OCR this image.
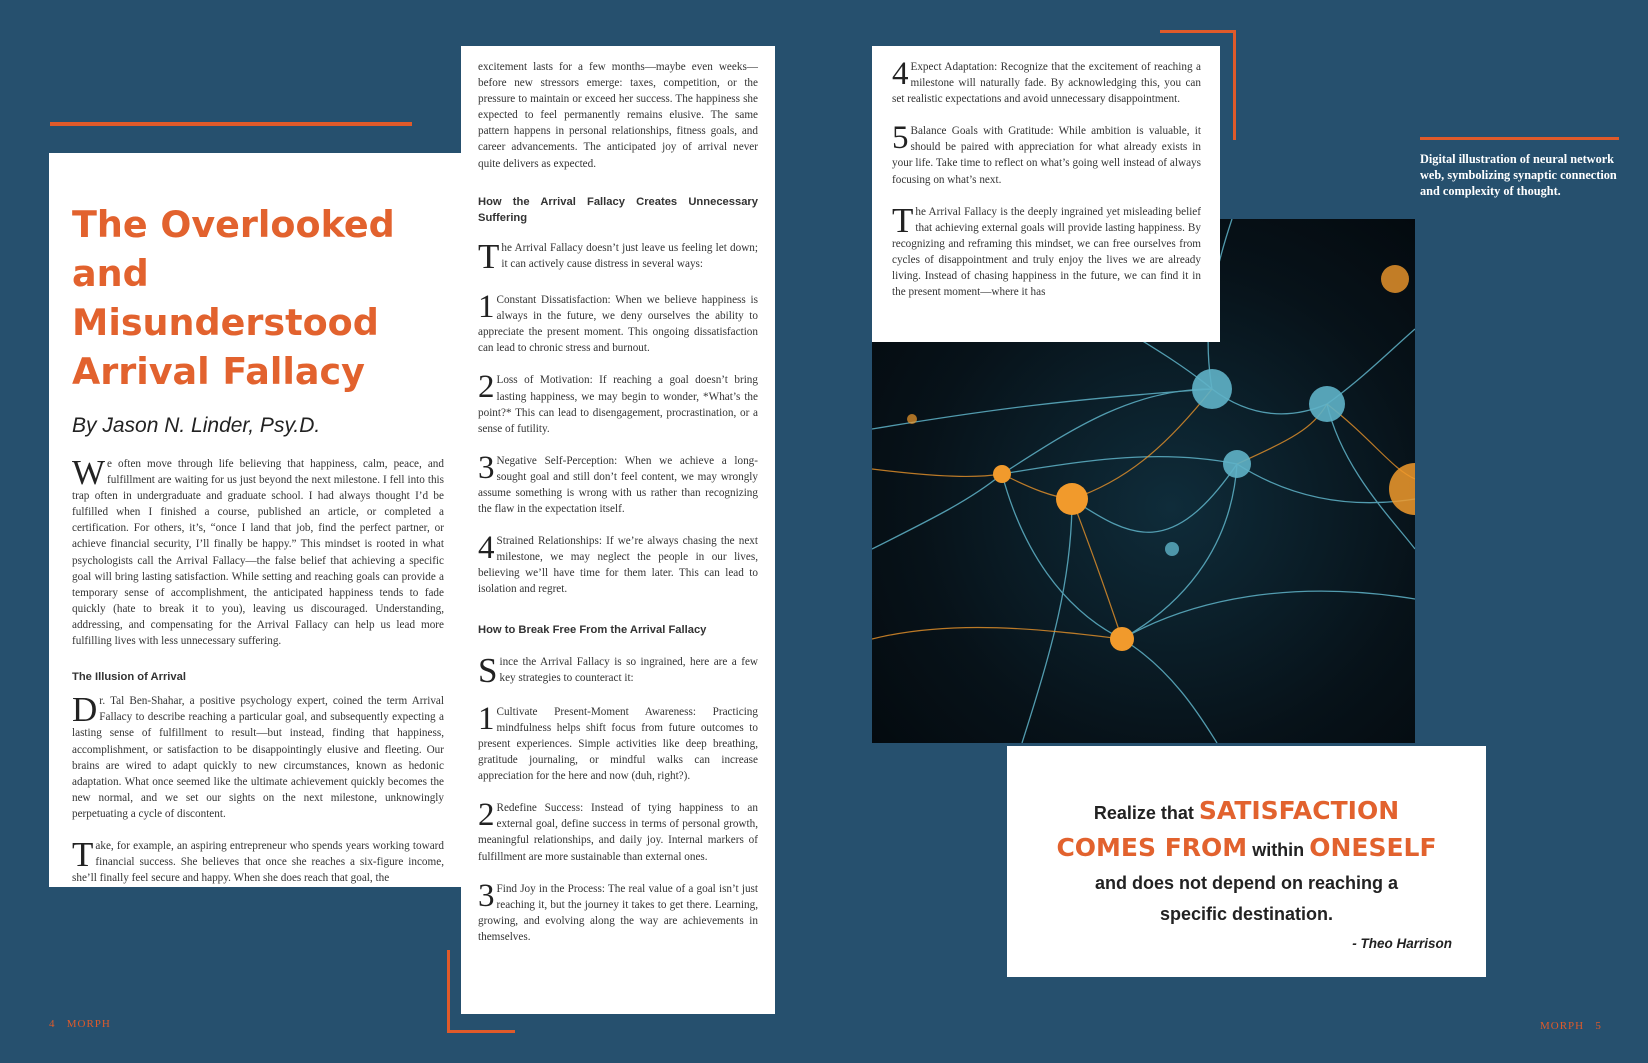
The Overlooked and

Misunderstood

Arrival Fallacy

By Jason N. Linder, Psy.D.

We often move through life believing that happiness, calm, peace, and fulfillment are waiting for us just beyond the next milestone. I fell into this trap often in undergraduate and graduate school. I had always thought I’d be fulfilled when I finished a course, published an article, or completed a certification. For others, it’s, “once I land that job, find the perfect partner, or achieve financial security, I’ll finally be happy.” This mindset is rooted in what psychologists call the Arrival Fallacy—the false belief that achieving a specific goal will bring lasting satisfaction. While setting and reaching goals can provide a temporary sense of accomplishment, the anticipated happiness tends to fade quickly (hate to break it to you), leaving us discouraged. Understanding, addressing, and compensating for the Arrival Fallacy can help us lead more fulfilling lives with less unnecessary suffering.

The Illusion of Arrival

Dr. Tal Ben-Shahar, a positive psychology expert, coined the term Arrival Fallacy to describe reaching a particular goal, and subsequently expecting a lasting sense of fulfillment to result—but instead, finding that happiness, accomplishment, or satisfaction to be disappointingly elusive and fleeting. Our brains are wired to adapt quickly to new circumstances, known as hedonic adaptation. What once seemed like the ultimate achievement quickly becomes the new normal, and we set our sights on the next milestone, unknowingly perpetuating a cycle of discontent.

Take, for example, an aspiring entrepreneur who spends years working toward financial success. She believes that once she reaches a six-figure income, she’ll finally feel secure and happy. When she does reach that goal, the

excitement lasts for a few months—maybe even weeks—before new stressors emerge: taxes, competition, or the pressure to maintain or exceed her success. The happiness she expected to feel permanently remains elusive. The same pattern happens in personal relationships, fitness goals, and career advancements. The anticipated joy of arrival never quite delivers as expected.

How the Arrival Fallacy Creates Unnecessary Suffering

The Arrival Fallacy doesn’t just leave us feeling let down; it can actively cause distress in several ways:

1 Constant Dissatisfaction: When we believe happiness is always in the future, we deny ourselves the ability to appreciate the present moment. This ongoing dissatisfaction can lead to chronic stress and burnout.

2 Loss of Motivation: If reaching a goal doesn’t bring lasting happiness, we may begin to wonder, *What’s the point?* This can lead to disengagement, procrastination, or a sense of futility.

3 Negative Self-Perception: When we achieve a long-sought goal and still don’t feel content, we may wrongly assume something is wrong with us rather than recognizing the flaw in the expectation itself.

4 Strained Relationships: If we’re always chasing the next milestone, we may neglect the people in our lives, believing we’ll have time for them later. This can lead to isolation and regret.

How to Break Free From the Arrival Fallacy

Since the Arrival Fallacy is so ingrained, here are a few key strategies to counteract it:

1 Cultivate Present-Moment Awareness: Practicing mindfulness helps shift focus from future outcomes to present experiences. Simple activities like deep breathing, gratitude journaling, or mindful walks can increase appreciation for the here and now (duh, right?).

2 Redefine Success: Instead of tying happiness to an external goal, define success in terms of personal growth, meaningful relationships, and daily joy. Internal markers of fulfillment are more sustainable than external ones.

3 Find Joy in the Process: The real value of a goal isn’t just reaching it, but the journey it takes to get there. Learning, growing, and evolving along the way are achievements in themselves.

4 Expect Adaptation: Recognize that the excitement of reaching a milestone will naturally fade. By acknowledging this, you can set realistic expectations and avoid unnecessary disappointment.

5 Balance Goals with Gratitude: While ambition is valuable, it should be paired with appreciation for what already exists in your life. Take time to reflect on what’s going well instead of always focusing on what’s next.

The Arrival Fallacy is the deeply ingrained yet misleading belief that achieving external goals will provide lasting happiness. By recognizing and reframing this mindset, we can free ourselves from cycles of disappointment and truly enjoy the lives we are already living. Instead of chasing happiness in the future, we can find it in the present moment—where it has

Digital illustration of neural network web, symbolizing synaptic connection and complexity of thought.

Realize that SATISFACTION
COMES FROM within ONESELF
and does not depend on reaching a
specific destination.
- Theo Harrison
4   MORPH	MORPH   5
